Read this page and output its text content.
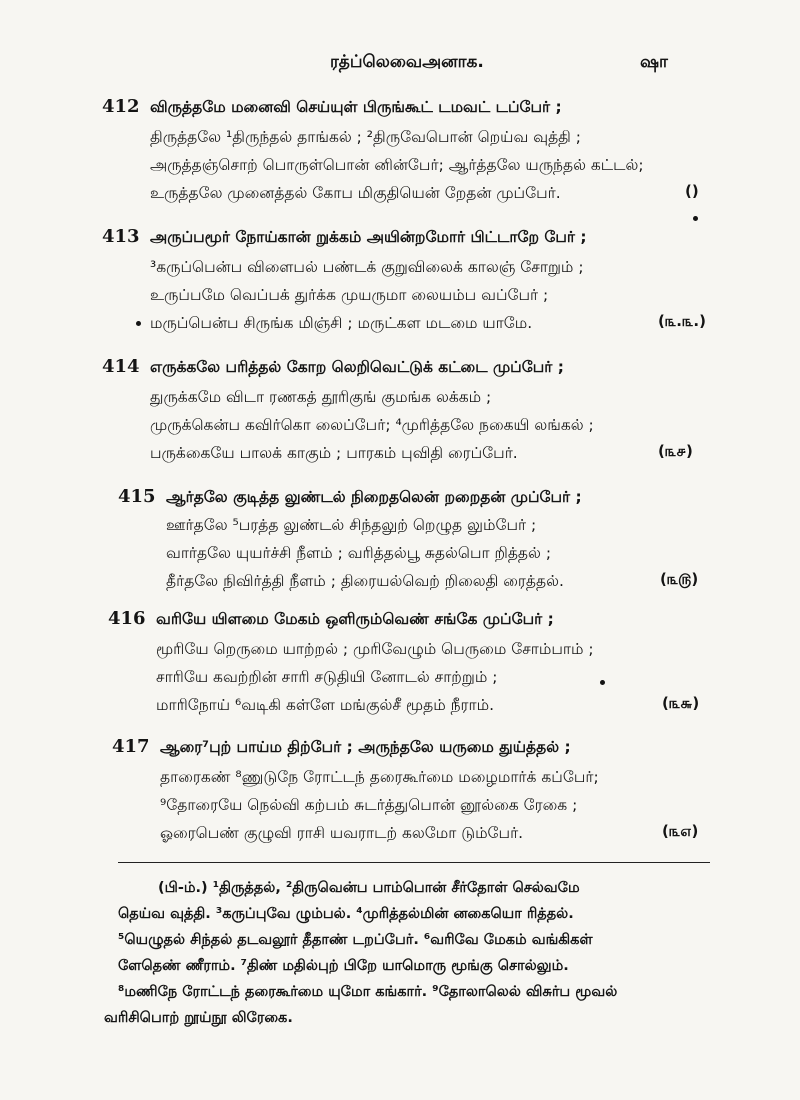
ரத்ப்லெவைஅனாக.	ஷா
412 விருத்தமே மனைவி செய்யுள் பிருங்கூட் டமவட் டப்பேர் ;
திருத்தலே ¹திருந்தல் தாங்கல் ; ²திருவேபொன் றெய்வ வுத்தி ;
அருத்தஞ்சொற் பொருள்பொன் னின்பேர்; ஆர்த்தலே யருந்தல் கட்டல்;
உருத்தலே முனைத்தல் கோப மிகுதியென் றேதன் முப்பேர்.	()
413 அருப்பமூர் நோய்கான் றுக்கம் அயின்றமோர் பிட்டாறே பேர் ;
³கருப்பென்ப விளைபல் பண்டக் குறுவிலைக் காலஞ் சோறும் ;
உருப்பமே வெப்பக் துர்க்க முயருமா லையம்ப வப்பேர் ;
மருப்பென்ப சிருங்க மிஞ்சி ; மருட்கள மடமை யாமே.	(௩.௩.)
414 எருக்கலே பரித்தல் கோற லெறிவெட்டுக் கட்டை முப்பேர் ;
துருக்கமே விடா ரணகத் தூரிகுங் குமங்க லக்கம் ;
முருக்கென்ப கவிர்கொ லைப்பேர்; ⁴முரித்தலே நகையி லங்கல் ;
பருக்கையே பாலக் காகும் ; பாரகம் புவிதி ரைப்பேர்.	(௩௪)
415 ஆர்தலே குடித்த லுண்டல் நிறைதலென் றறைதன் முப்பேர் ;
ஊர்தலே ⁵பரத்த லுண்டல் சிந்தலுற் றெழுத லும்பேர் ;
வார்தலே யுயர்ச்சி நீளம் ; வரித்தல்பூ சுதல்பொ றித்தல் ;
தீர்தலே நிவிர்த்தி நீளம் ; திரையல்வெற் றிலைதி ரைத்தல்.	(௩௫)
416 வரியே யிளமை மேகம் ஒளிரும்வெண் சங்கே முப்பேர் ;
மூரியே றெருமை யாற்றல் ; முரிவேழும் பெருமை சோம்பாம் ;
சாரியே கவற்றின் சாரி சடுதியி னோடல் சாற்றும் ;
மாரிநோய் ⁶வடிகி கள்ளே மங்குல்சீ மூதம் நீராம்.	(௩௬)
417 ஆரை⁷புற் பாய்ம திற்பேர் ; அருந்தலே யருமை துய்த்தல் ;
தாரைகண் ⁸ணுடுநே ரோட்டந் தரைகூர்மை மழைமார்க் கப்பேர்;
⁹தோரையே நெல்வி கற்பம் சுடர்த்துபொன் னூல்கை ரேகை ;
ஓரைபெண் குழுவி ராசி யவராடற் கலமோ டும்பேர்.	(௩௭)
(பி-ம்.) ¹திருத்தல், ²திருவென்ப பாம்பொன் சீர்தோள் செல்வமே
தெய்வ வுத்தி. ³கருப்புவே ழும்பல். ⁴முரித்தல்மின் னகையொ ரித்தல்.
⁵யெழுதல் சிந்தல் தடவலூர் தீதாண் டறப்பேர். ⁶வரிவே மேகம் வங்கிகள்
ளேதெண் ணீராம். ⁷திண் மதில்புற் பிறே யாமொரு மூங்கு சொல்லும்.
⁸மணிநே ரோட்டந் தரைகூர்மை யுமோ கங்கார். ⁹தோலாலெல் விசுர்ப மூவல்
வரிசிபொற் றூய்நூ லிரேகை.
